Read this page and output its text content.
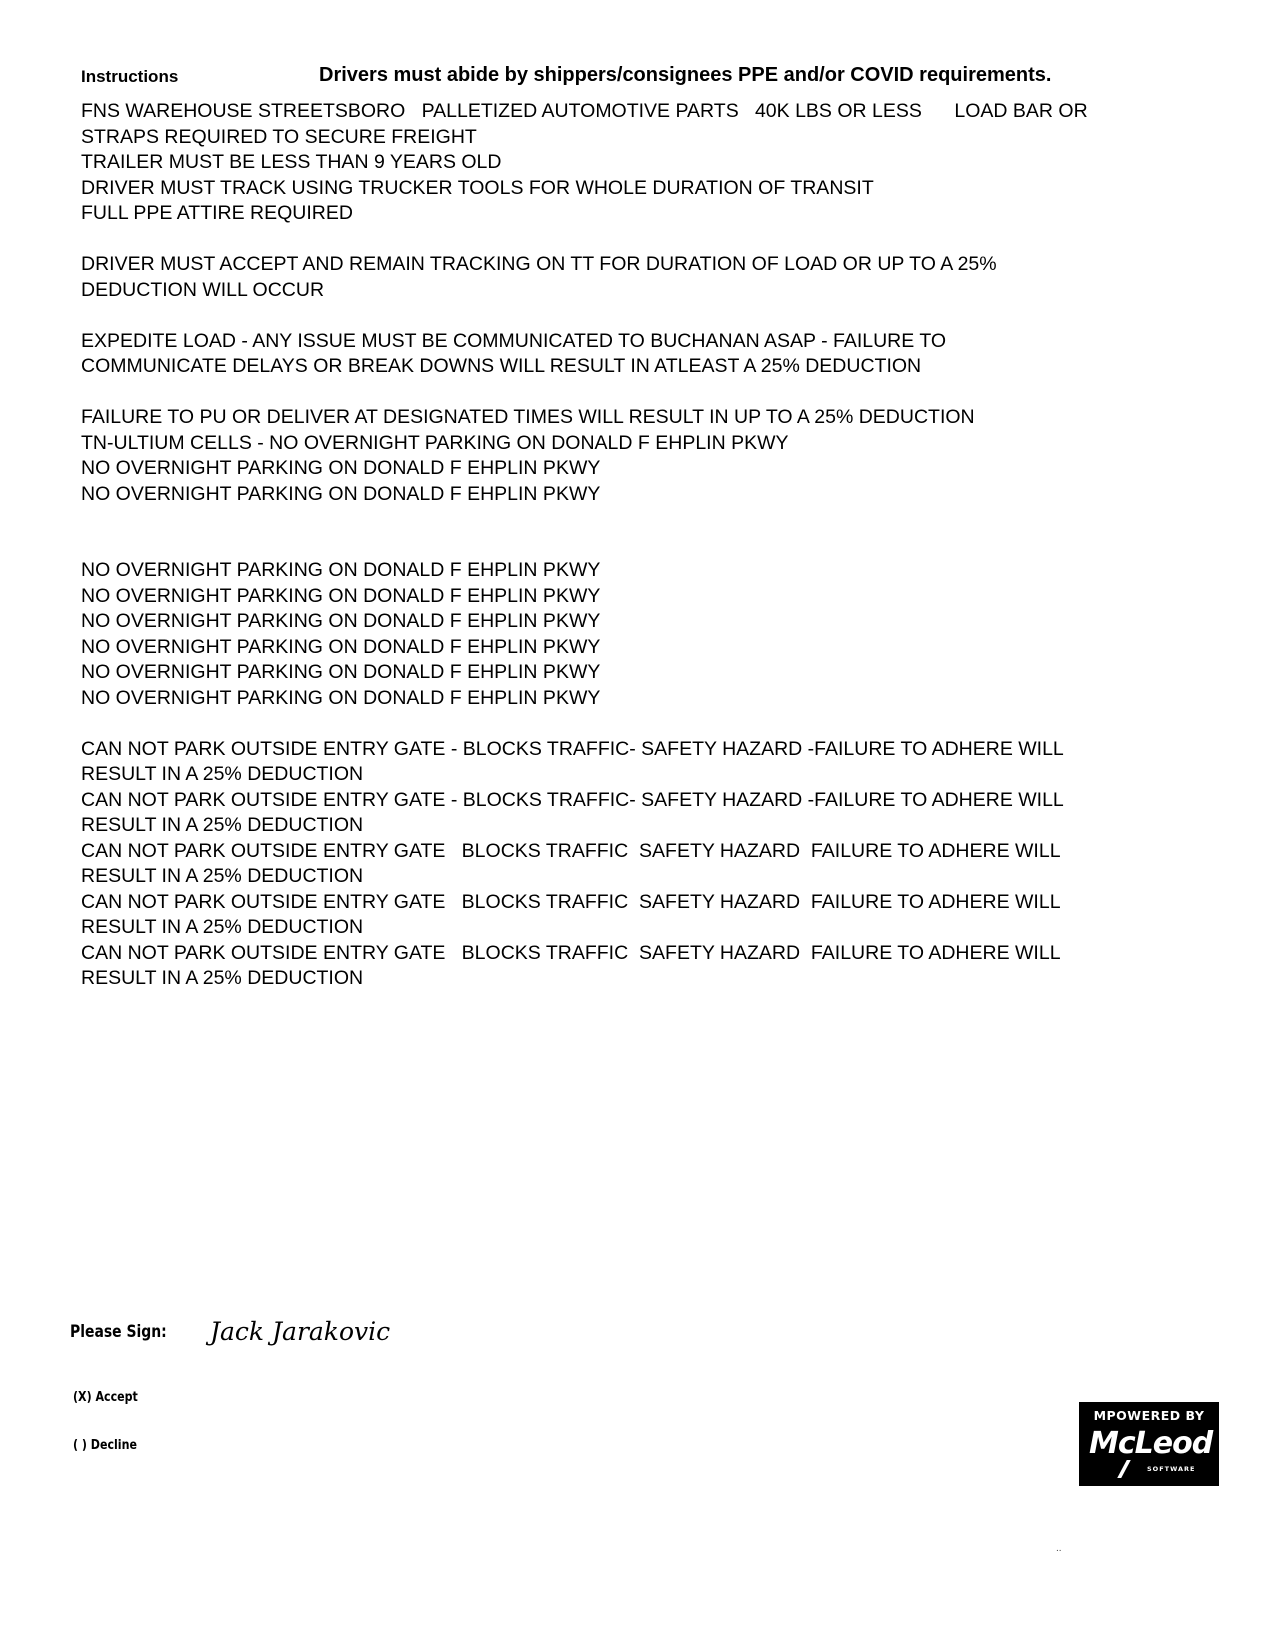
Instructions	Drivers must abide by shippers/consignees PPE and/or COVID requirements.
FNS WAREHOUSE STREETSBORO   PALLETIZED AUTOMOTIVE PARTS   40K LBS OR LESS      LOAD BAR OR
STRAPS REQUIRED TO SECURE FREIGHT
TRAILER MUST BE LESS THAN 9 YEARS OLD
DRIVER MUST TRACK USING TRUCKER TOOLS FOR WHOLE DURATION OF TRANSIT
FULL PPE ATTIRE REQUIRED
DRIVER MUST ACCEPT AND REMAIN TRACKING ON TT FOR DURATION OF LOAD OR UP TO A 25%
DEDUCTION WILL OCCUR
EXPEDITE LOAD - ANY ISSUE MUST BE COMMUNICATED TO BUCHANAN ASAP - FAILURE TO
COMMUNICATE DELAYS OR BREAK DOWNS WILL RESULT IN ATLEAST A 25% DEDUCTION
FAILURE TO PU OR DELIVER AT DESIGNATED TIMES WILL RESULT IN UP TO A 25% DEDUCTION
TN-ULTIUM CELLS - NO OVERNIGHT PARKING ON DONALD F EHPLIN PKWY
NO OVERNIGHT PARKING ON DONALD F EHPLIN PKWY
NO OVERNIGHT PARKING ON DONALD F EHPLIN PKWY
NO OVERNIGHT PARKING ON DONALD F EHPLIN PKWY
NO OVERNIGHT PARKING ON DONALD F EHPLIN PKWY
NO OVERNIGHT PARKING ON DONALD F EHPLIN PKWY
NO OVERNIGHT PARKING ON DONALD F EHPLIN PKWY
NO OVERNIGHT PARKING ON DONALD F EHPLIN PKWY
NO OVERNIGHT PARKING ON DONALD F EHPLIN PKWY
CAN NOT PARK OUTSIDE ENTRY GATE - BLOCKS TRAFFIC- SAFETY HAZARD -FAILURE TO ADHERE WILL
RESULT IN A 25% DEDUCTION
CAN NOT PARK OUTSIDE ENTRY GATE - BLOCKS TRAFFIC- SAFETY HAZARD -FAILURE TO ADHERE WILL
RESULT IN A 25% DEDUCTION
CAN NOT PARK OUTSIDE ENTRY GATE   BLOCKS TRAFFIC  SAFETY HAZARD  FAILURE TO ADHERE WILL
RESULT IN A 25% DEDUCTION
CAN NOT PARK OUTSIDE ENTRY GATE   BLOCKS TRAFFIC  SAFETY HAZARD  FAILURE TO ADHERE WILL
RESULT IN A 25% DEDUCTION
CAN NOT PARK OUTSIDE ENTRY GATE   BLOCKS TRAFFIC  SAFETY HAZARD  FAILURE TO ADHERE WILL
RESULT IN A 25% DEDUCTION
Please Sign: Jack Jarakovic
(X) Accept
( ) Decline
MPOWERED BY
McLeod
SOFTWARE
..
